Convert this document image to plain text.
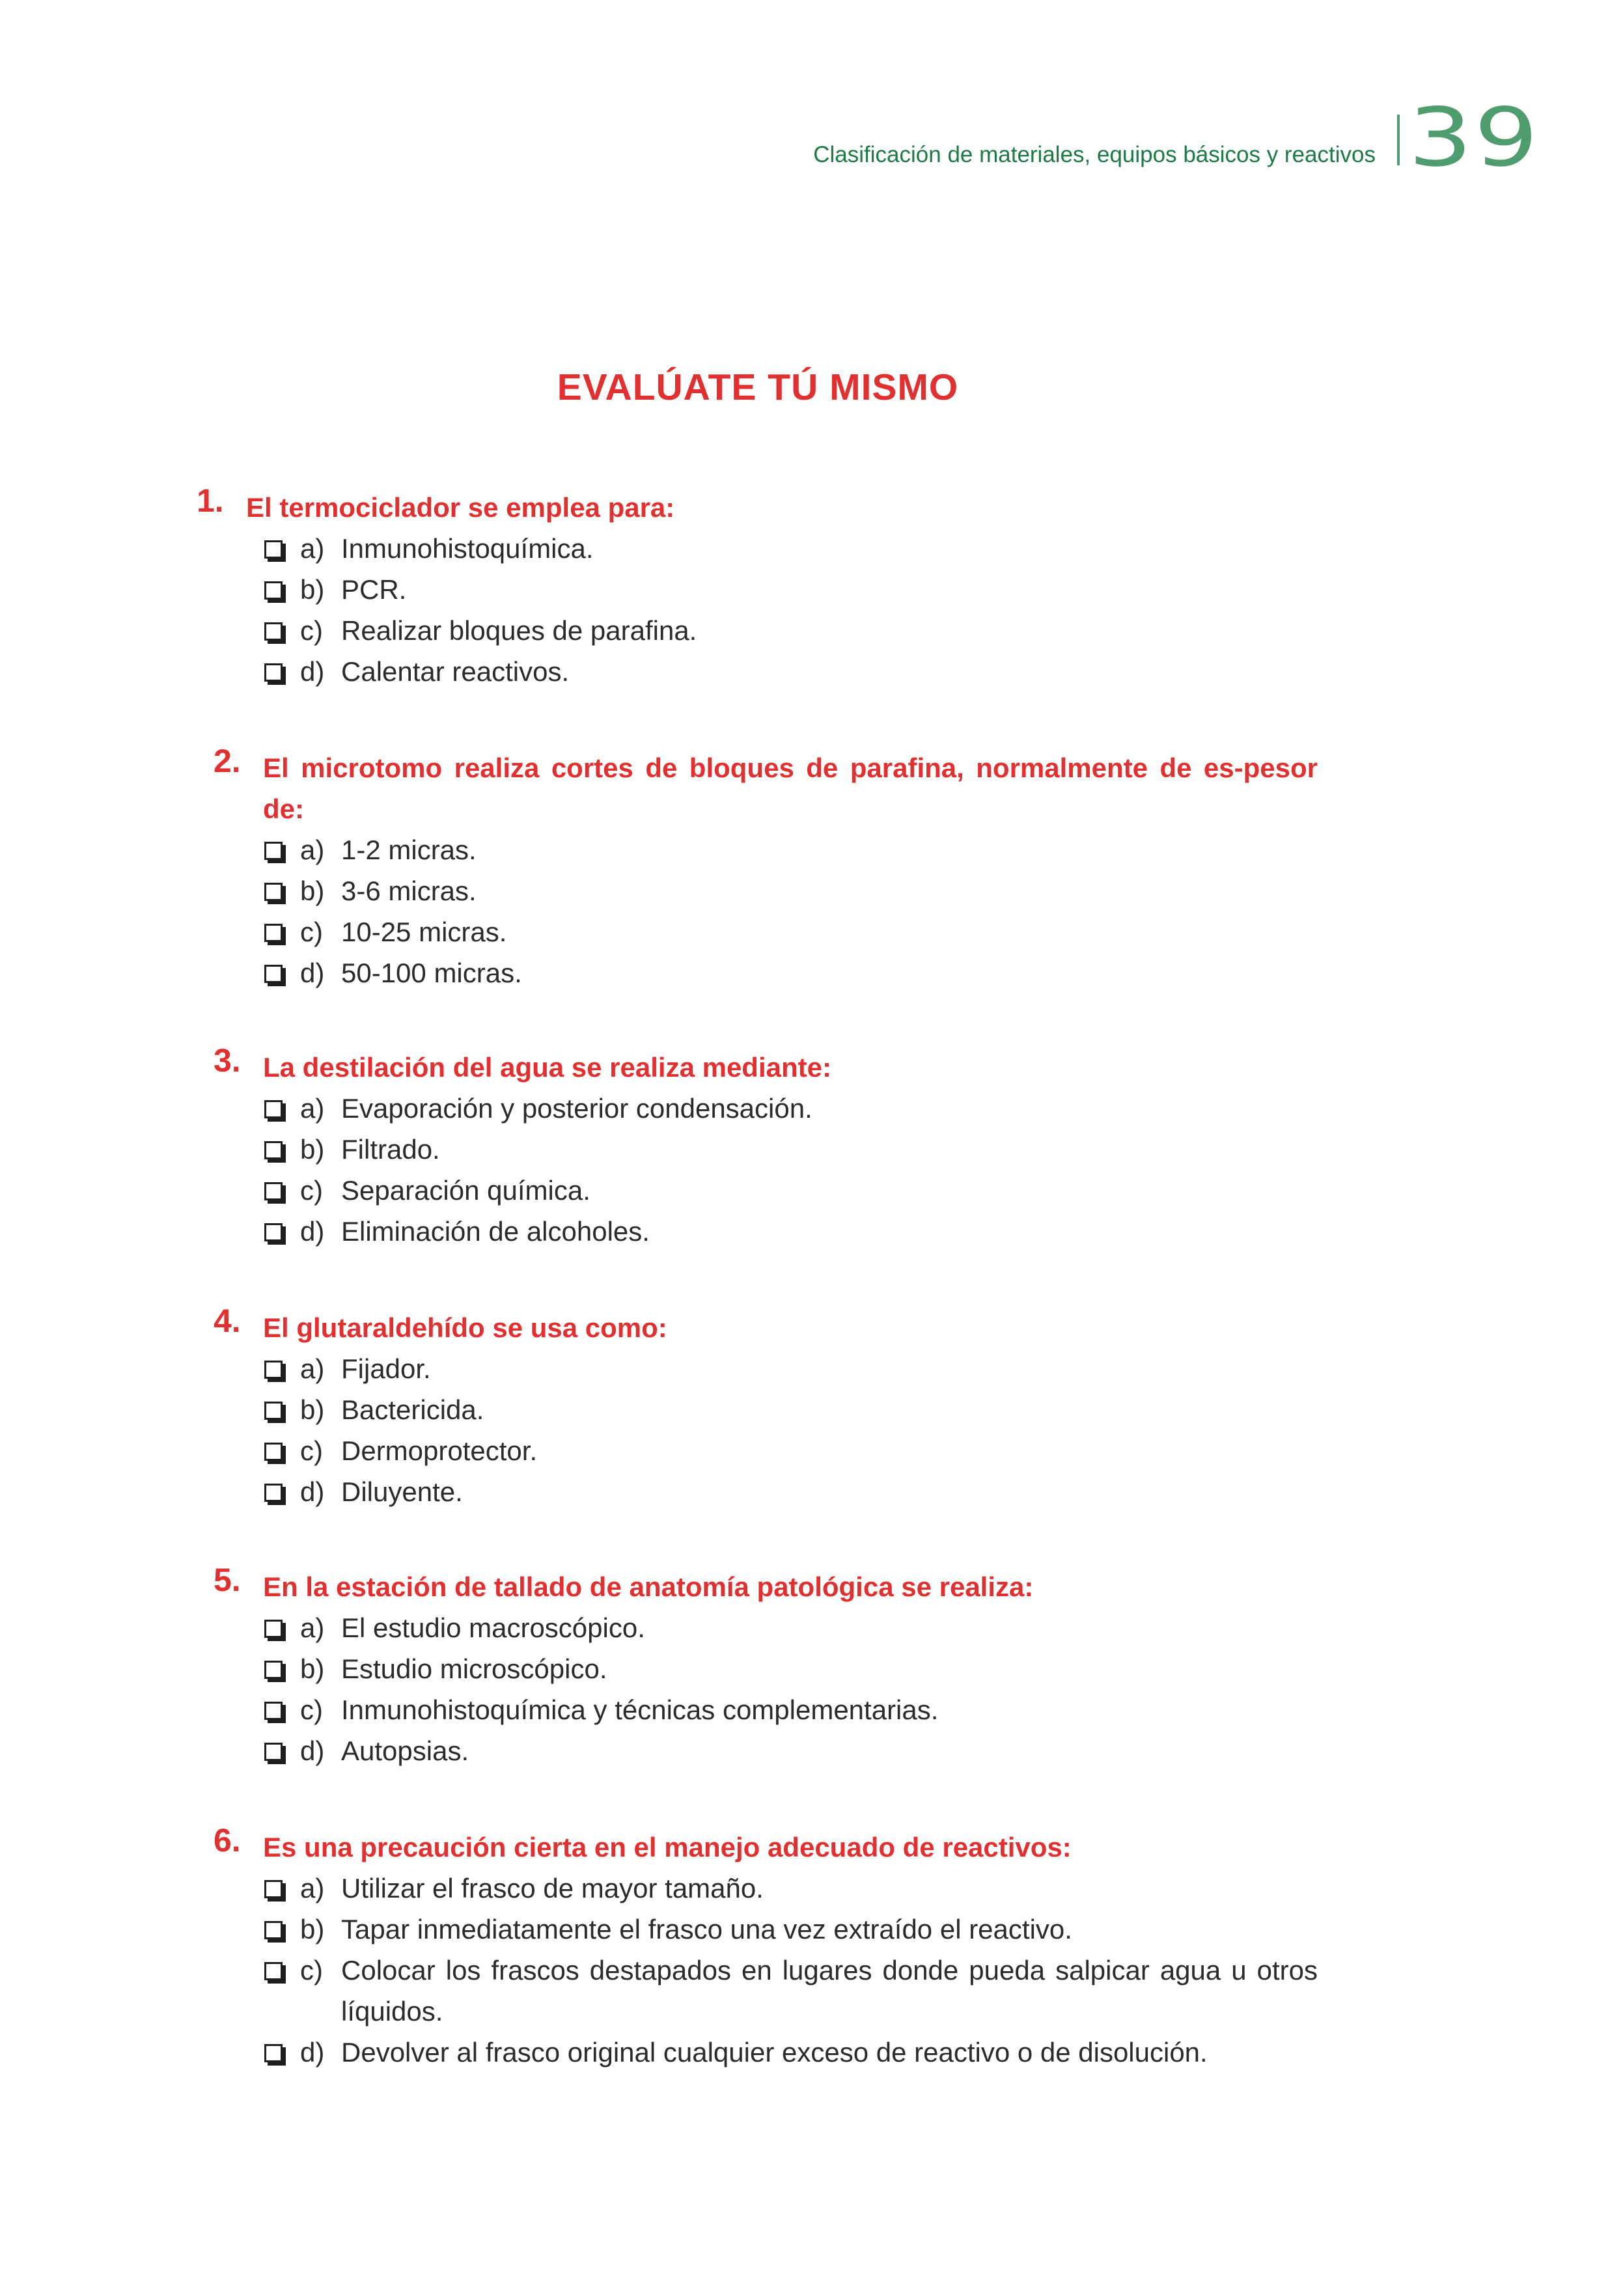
Clasificación de materiales, equipos básicos y reactivos 39
EVALÚATE TÚ MISMO
1. El termociclador se emplea para:

a) Inmunohistoquímica.
b) PCR.
c) Realizar bloques de parafina.
d) Calentar reactivos.
2. El microtomo realiza cortes de bloques de parafina, normalmente de es-pesor de:

a) 1-2 micras.
b) 3-6 micras.
c) 10-25 micras.
d) 50-100 micras.
3. La destilación del agua se realiza mediante:

a) Evaporación y posterior condensación.
b) Filtrado.
c) Separación química.
d) Eliminación de alcoholes.
4. El glutaraldehído se usa como:

a) Fijador.
b) Bactericida.
c) Dermoprotector.
d) Diluyente.
5. En la estación de tallado de anatomía patológica se realiza:

a) El estudio macroscópico.
b) Estudio microscópico.
c) Inmunohistoquímica y técnicas complementarias.
d) Autopsias.
6. Es una precaución cierta en el manejo adecuado de reactivos:

a) Utilizar el frasco de mayor tamaño.
b) Tapar inmediatamente el frasco una vez extraído el reactivo.
c) Colocar los frascos destapados en lugares donde pueda salpicar agua u otros líquidos.
d) Devolver al frasco original cualquier exceso de reactivo o de disolución.
